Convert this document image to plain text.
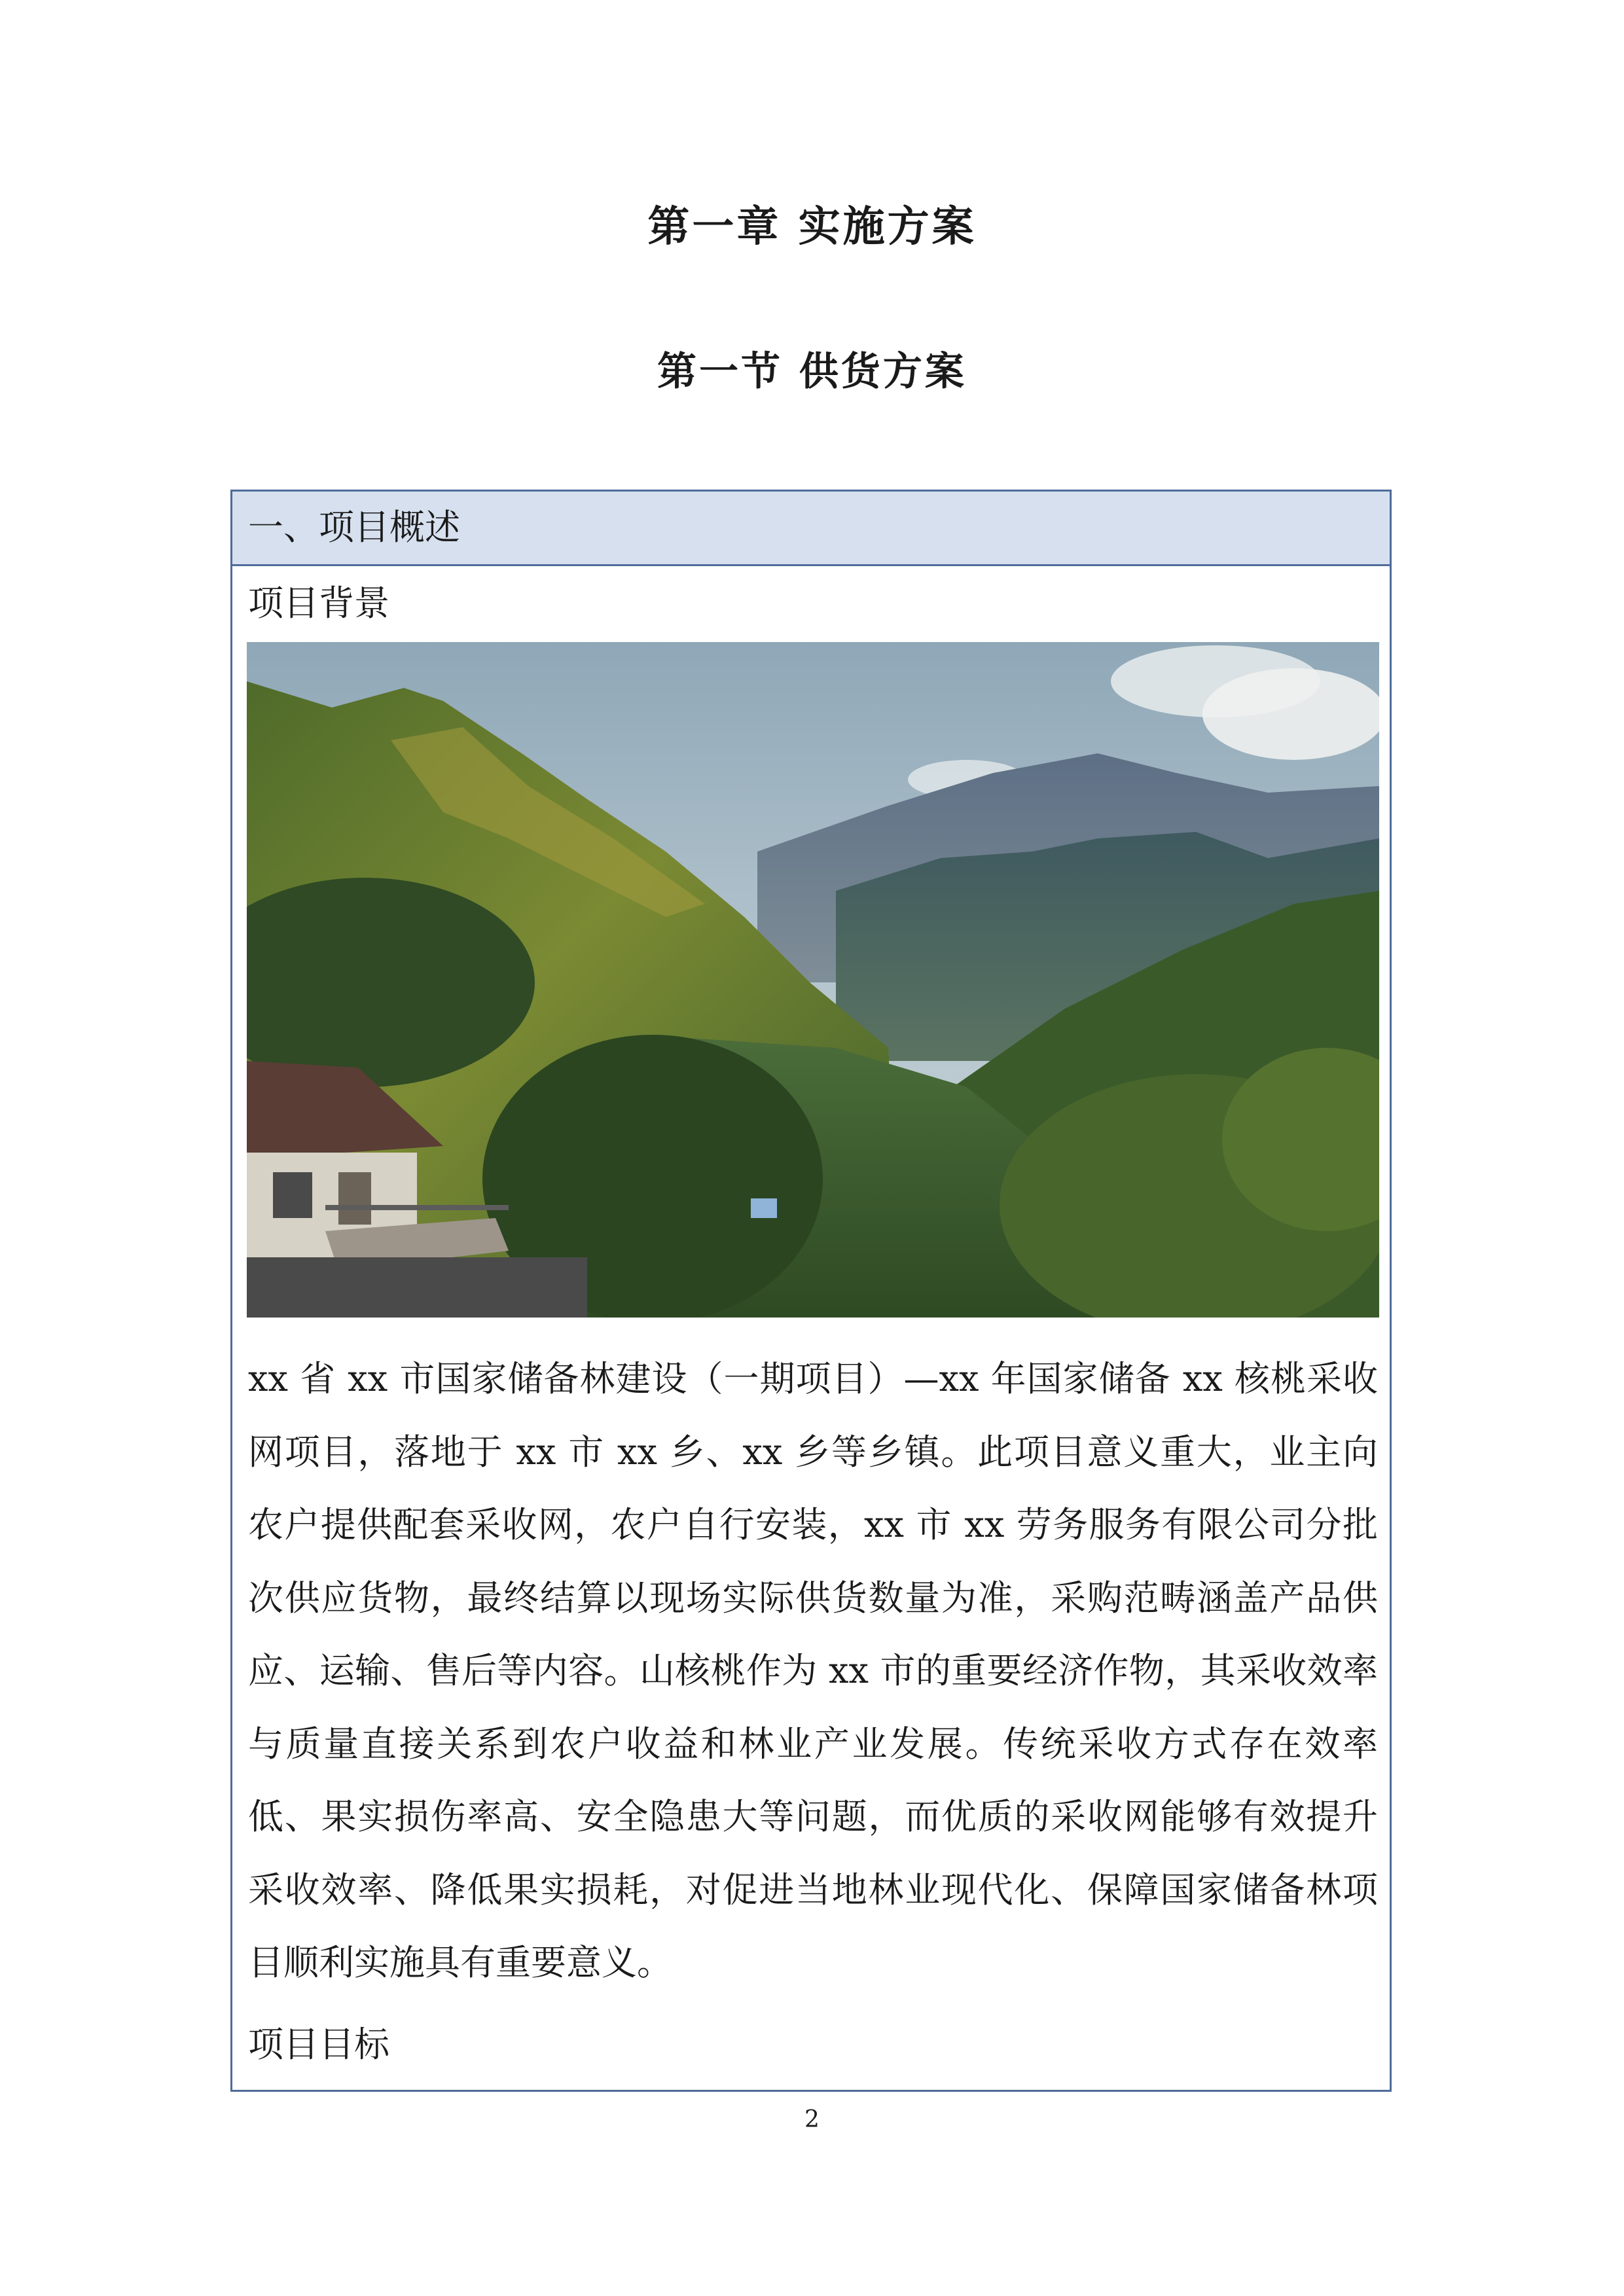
第一章 实施方案
第一节 供货方案
一、项目概述
项目背景

xx 省 xx 市国家储备林建设（一期项目）—xx 年国家储备 xx 核桃采收网项目，落地于 xx 市 xx 乡、xx 乡等乡镇。此项目意义重大，业主向农户提供配套采收网，农户自行安装，xx 市 xx 劳务服务有限公司分批次供应货物，最终结算以现场实际供货数量为准，采购范畴涵盖产品供应、运输、售后等内容。山核桃作为 xx 市的重要经济作物，其采收效率与质量直接关系到农户收益和林业产业发展。传统采收方式存在效率低、果实损伤率高、安全隐患大等问题，而优质的采收网能够有效提升采收效率、降低果实损耗，对促进当地林业现代化、保障国家储备林项目顺利实施具有重要意义。

项目目标
2
